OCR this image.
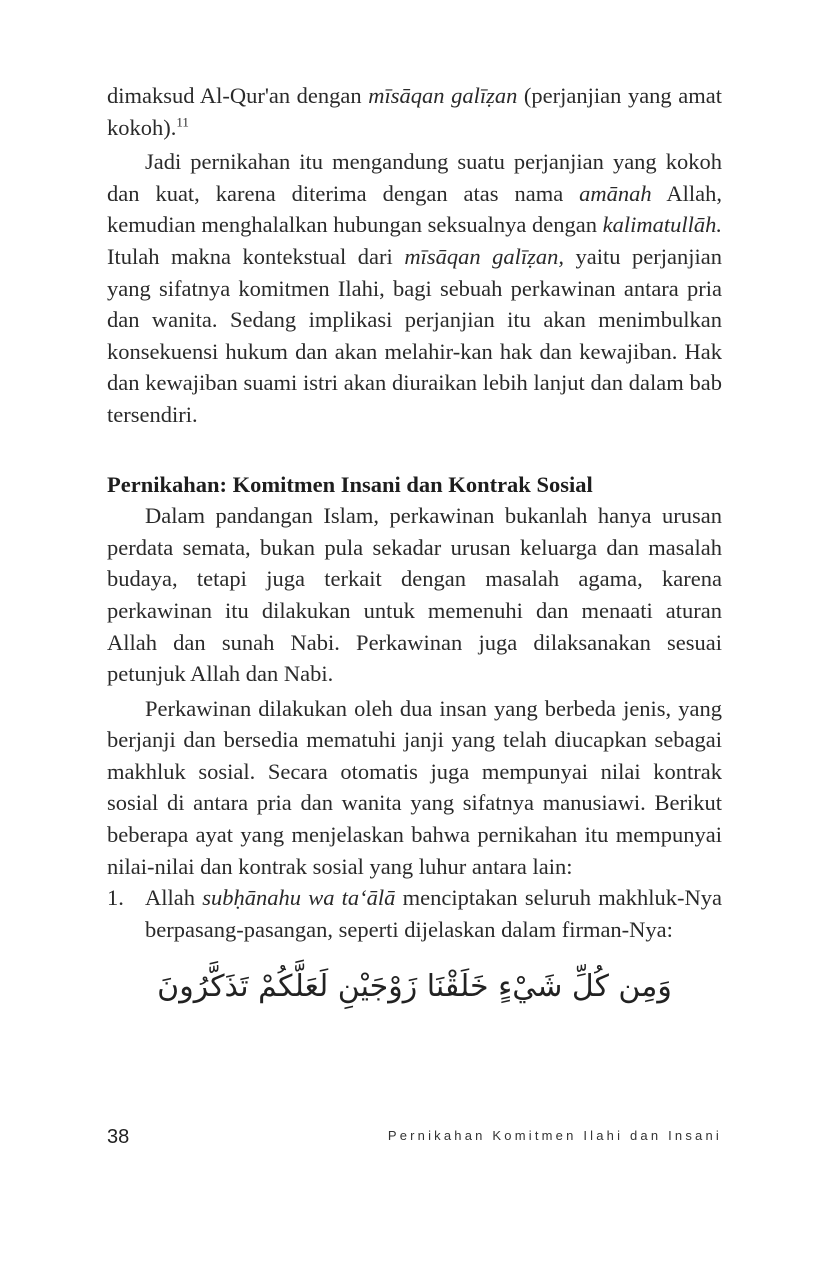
dimaksud Al-Qur'an dengan mīsāqan galīẓan (perjanjian yang amat kokoh).$^{11}$

Jadi pernikahan itu mengandung suatu perjanjian yang kokoh dan kuat, karena diterima dengan atas nama amānah Allah, kemudian menghalalkan hubungan seksualnya dengan kalimatullāh. Itulah makna kontekstual dari mīsāqan galīẓan, yaitu perjanjian yang sifatnya komitmen Ilahi, bagi sebuah perkawinan antara pria dan wanita. Sedang implikasi perjanjian itu akan menimbulkan konsekuensi hukum dan akan melahir-kan hak dan kewajiban. Hak dan kewajiban suami istri akan diuraikan lebih lanjut dan dalam bab tersendiri.

Pernikahan: Komitmen Insani dan Kontrak Sosial

Dalam pandangan Islam, perkawinan bukanlah hanya urusan perdata semata, bukan pula sekadar urusan keluarga dan masalah budaya, tetapi juga terkait dengan masalah agama, karena perkawinan itu dilakukan untuk memenuhi dan menaati aturan Allah dan sunah Nabi. Perkawinan juga dilaksanakan sesuai petunjuk Allah dan Nabi.

Perkawinan dilakukan oleh dua insan yang berbeda jenis, yang berjanji dan bersedia mematuhi janji yang telah diucapkan sebagai makhluk sosial. Secara otomatis juga mempunyai nilai kontrak sosial di antara pria dan wanita yang sifatnya manusiawi. Berikut beberapa ayat yang menjelaskan bahwa pernikahan itu mempunyai nilai-nilai dan kontrak sosial yang luhur antara lain:

1. Allah subḥānahu wa ta‘ālā menciptakan seluruh makhluk-Nya berpasang-pasangan, seperti dijelaskan dalam firman-Nya:
وَمِن كُلِّ شَيْءٍ خَلَقْنَا زَوْجَيْنِ لَعَلَّكُمْ تَذَكَّرُونَ
38	Pernikahan Komitmen Ilahi dan Insani
